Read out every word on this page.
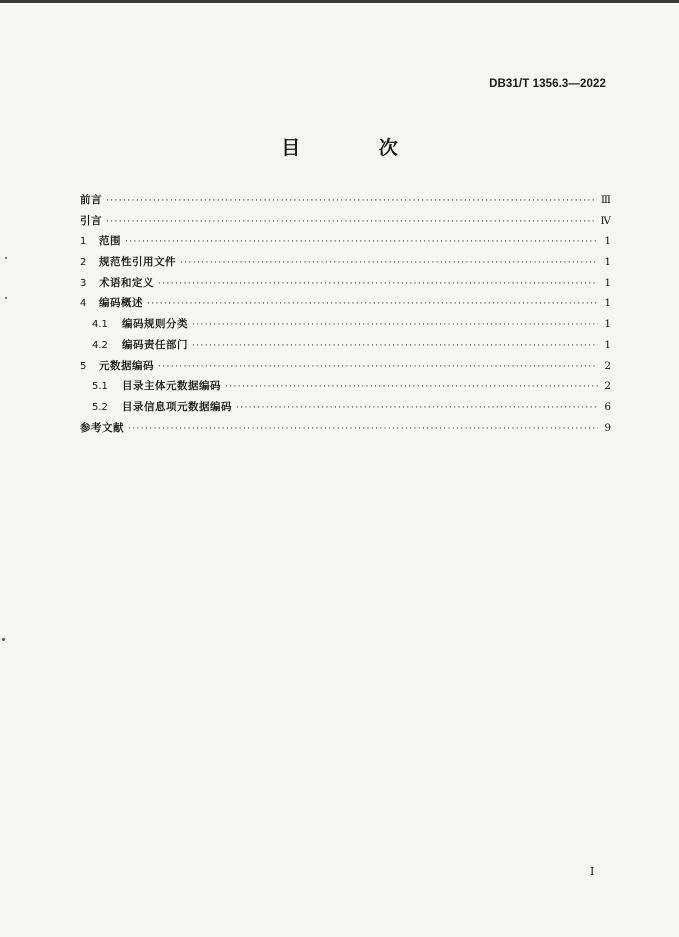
DB31/T 1356.3—2022
目 次
前言 ·····	Ⅲ
引言 ·····	Ⅳ
1	范围 ·····	1
2	规范性引用文件 ·····	1
3	术语和定义 ·····	1
4	编码概述 ·····	1
4.1	编码规则分类 ·····	1
4.2	编码责任部门 ·····	1
5	元数据编码 ·····	2
5.1	目录主体元数据编码 ·····	2
5.2	目录信息项元数据编码 ·····	6
参考文献 ·····	9
Ⅰ
